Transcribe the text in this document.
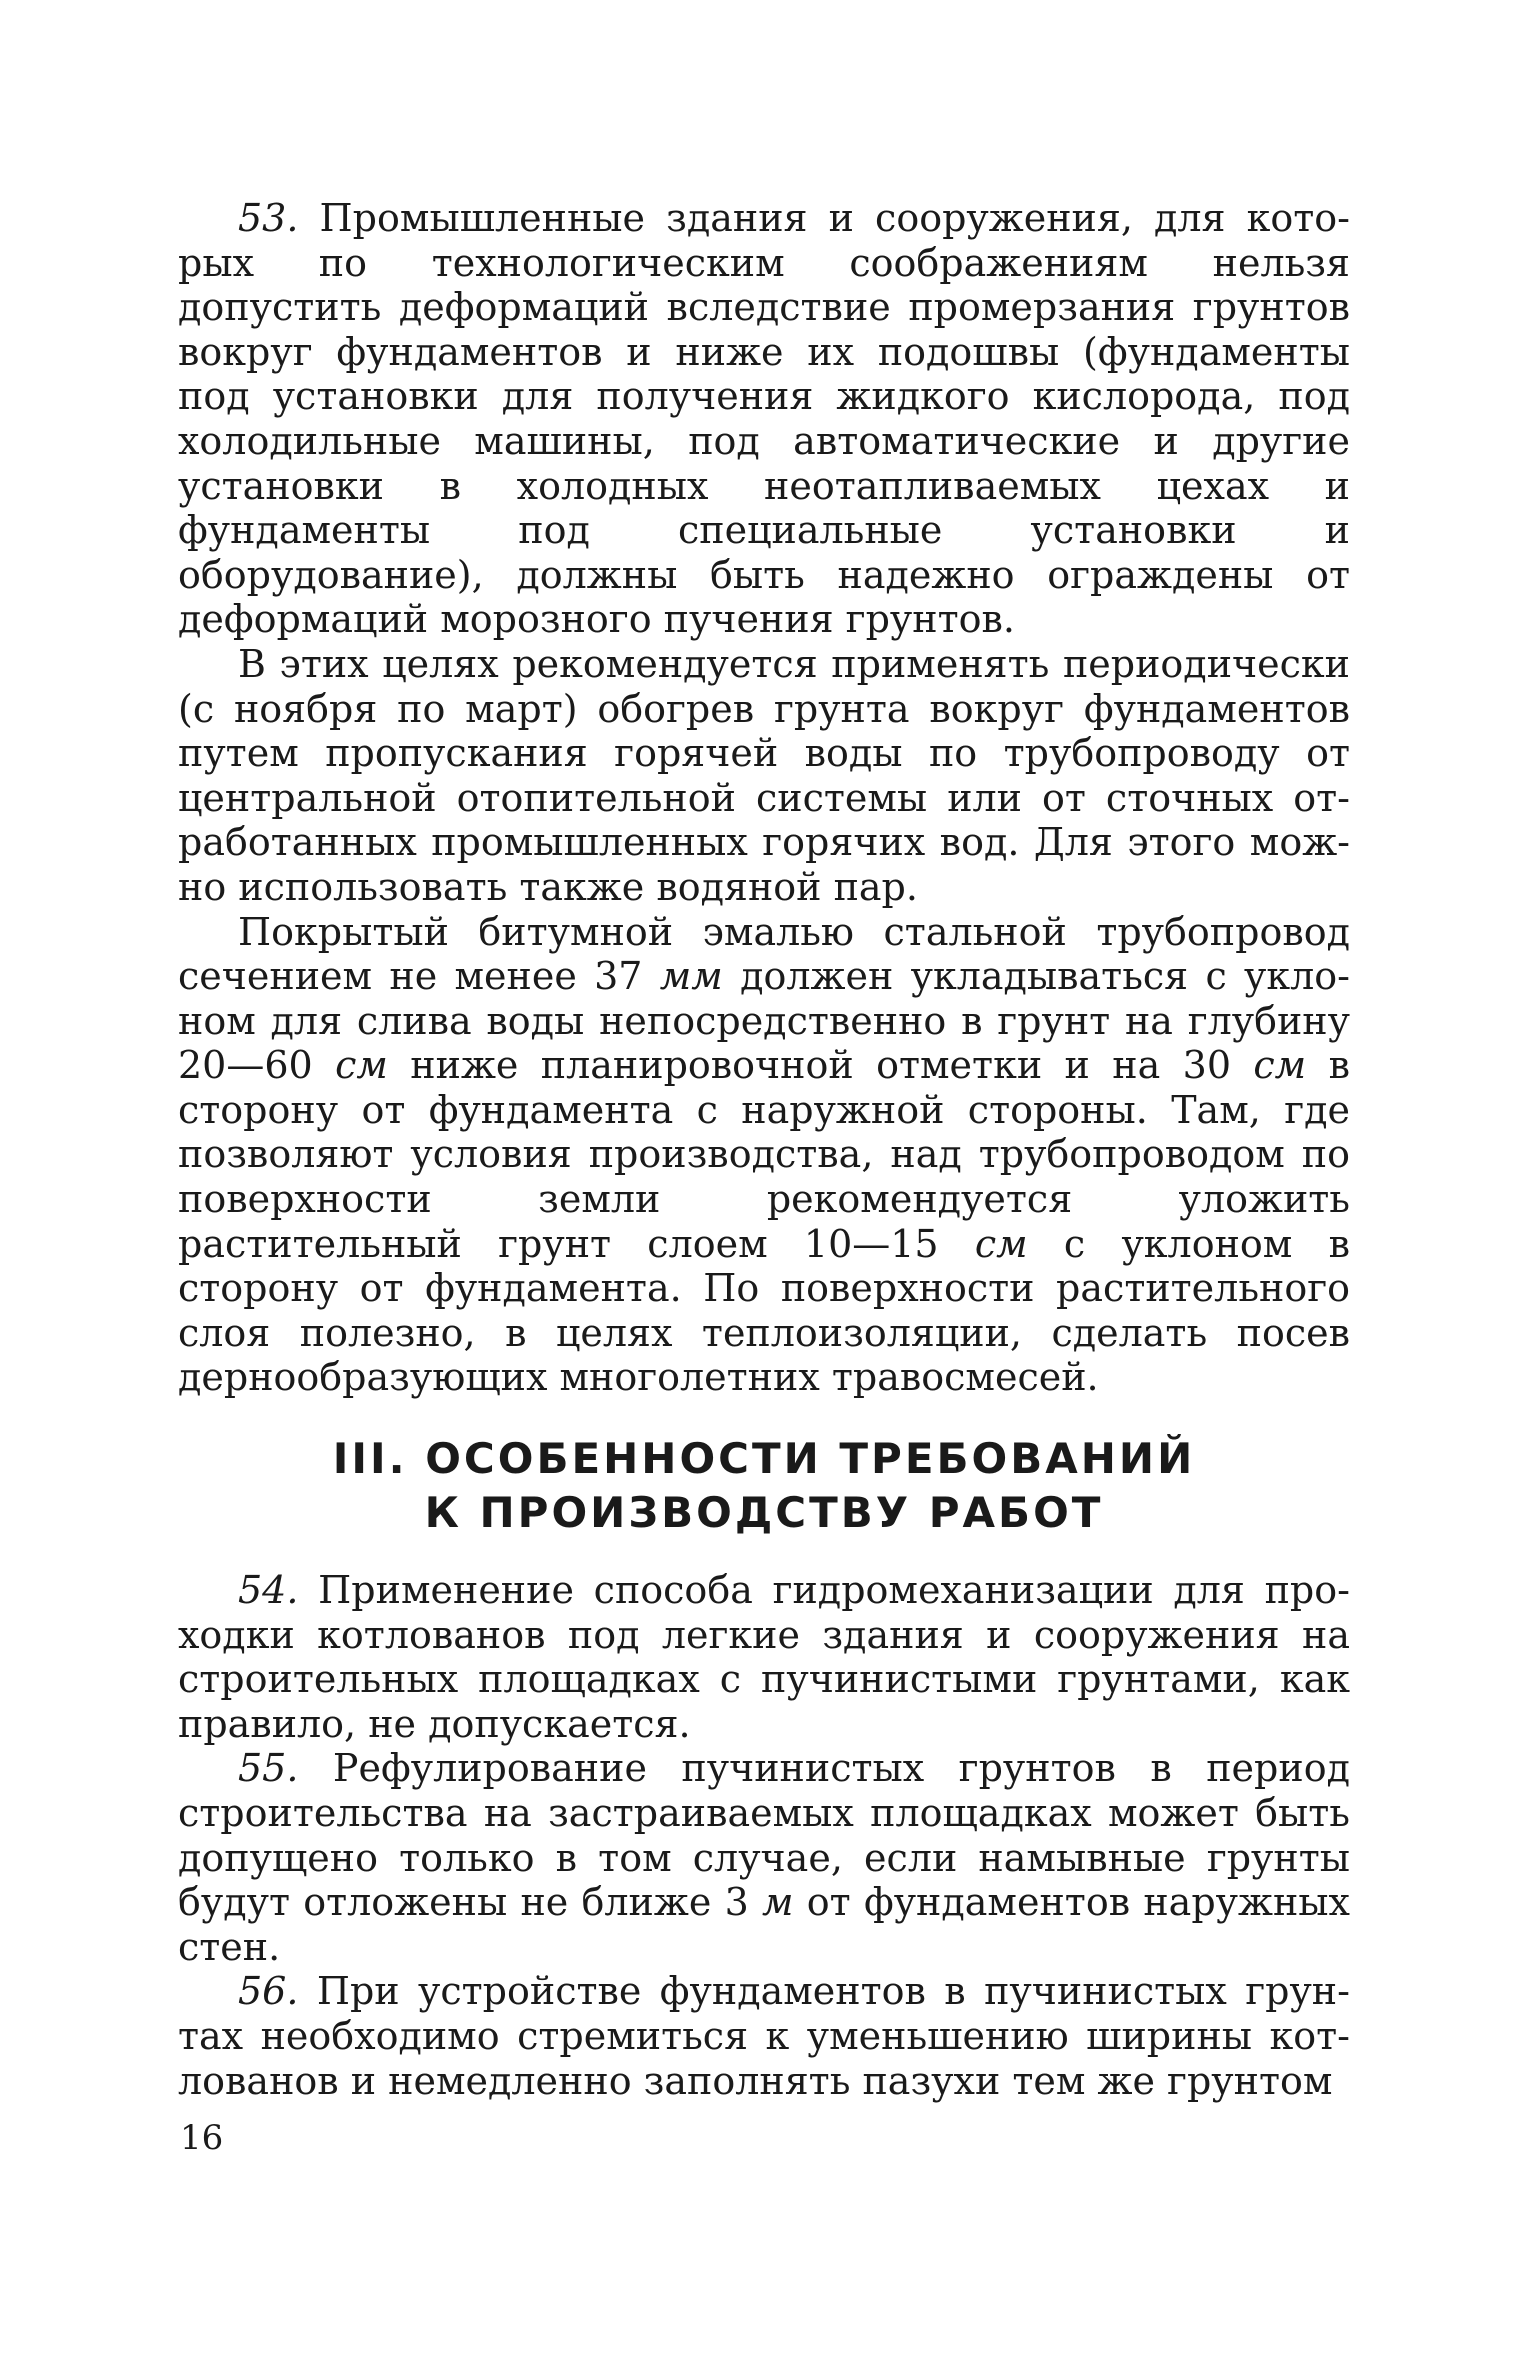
53. Промышленные здания и сооружения, для которых по технологическим соображениям нельзя допустить деформаций вследствие промерзания грунтов вокруг фундаментов и ниже их подошвы (фундаменты под установки для получения жидкого кислорода, под холодильные машины, под автоматические и другие установки в холодных неотапливаемых цехах и фундаменты под специальные установки и оборудование), должны быть надежно ограждены от деформаций морозного пучения грунтов.

В этих целях рекомендуется применять периодически (с ноября по март) обогрев грунта вокруг фундаментов путем пропускания горячей воды по трубопроводу от центральной отопительной системы или от сточных отработанных промышленных горячих вод. Для этого можно использовать также водяной пар.

Покрытый битумной эмалью стальной трубопровод сечением не менее 37 мм должен укладываться с уклоном для слива воды непосредственно в грунт на глубину 20—60 см ниже планировочной отметки и на 30 см в сторону от фундамента с наружной стороны. Там, где позволяют условия производства, над трубопроводом по поверхности земли рекомендуется уложить растительный грунт слоем 10—15 см с уклоном в сторону от фундамента. По поверхности растительного слоя полезно, в целях теплоизоляции, сделать посев дернообразующих многолетних травосмесей.

III. ОСОБЕННОСТИ ТРЕБОВАНИЙ
К ПРОИЗВОДСТВУ РАБОТ

54. Применение способа гидромеханизации для проходки котлованов под легкие здания и сооружения на строительных площадках с пучинистыми грунтами, как правило, не допускается.

55. Рефулирование пучинистых грунтов в период строительства на застраиваемых площадках может быть допущено только в том случае, если намывные грунты будут отложены не ближе 3 м от фундаментов наружных стен.

56. При устройстве фундаментов в пучинистых грунтах необходимо стремиться к уменьшению ширины котлованов и немедленно заполнять пазухи тем же грунтом

16
